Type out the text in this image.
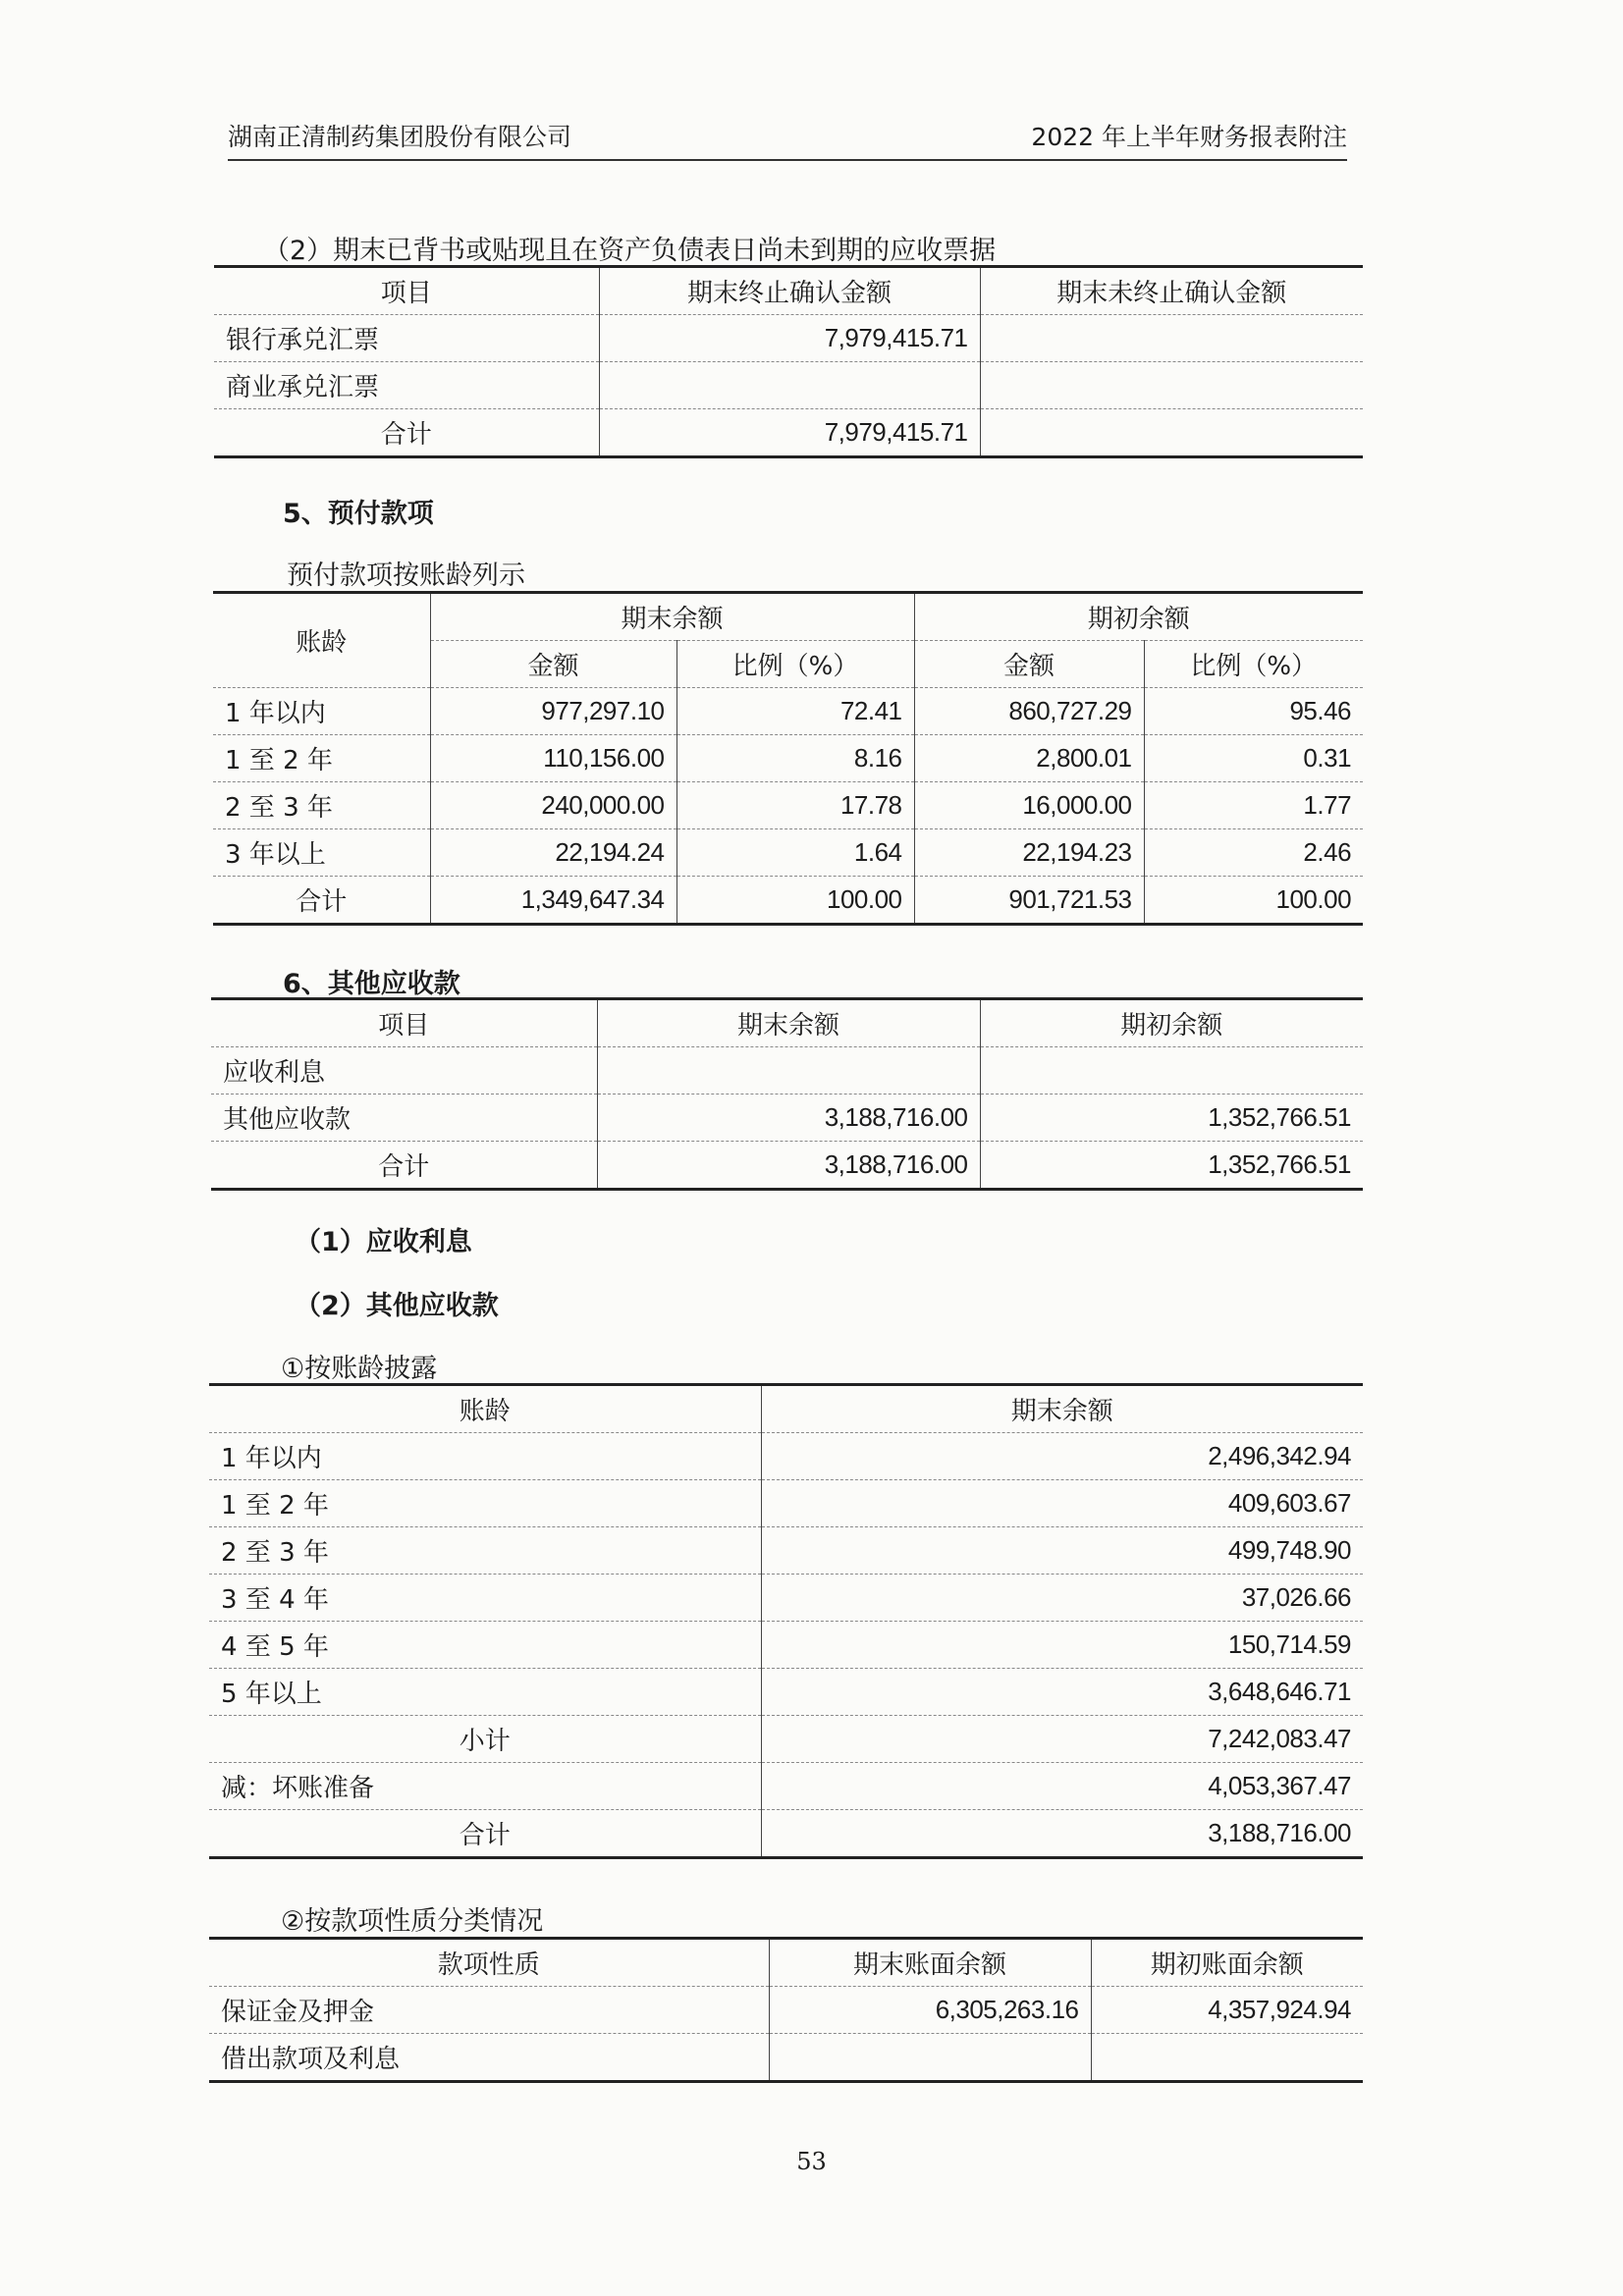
湖南正清制药集团股份有限公司	2022 年上半年财务报表附注
（2）期末已背书或贴现且在资产负债表日尚未到期的应收票据
项目	期末终止确认金额	期末未终止确认金额
银行承兑汇票	7,979,415.71	
商业承兑汇票		
合计	7,979,415.71	
5、预付款项
预付款项按账龄列示
账龄	期末余额		期初余额	
	金额	比例（%）	金额	比例（%）
1 年以内	977,297.10	72.41	860,727.29	95.46
1 至 2 年	110,156.00	8.16	2,800.01	0.31
2 至 3 年	240,000.00	17.78	16,000.00	1.77
3 年以上	22,194.24	1.64	22,194.23	2.46
合计	1,349,647.34	100.00	901,721.53	100.00
6、其他应收款
项目	期末余额	期初余额
应收利息		
其他应收款	3,188,716.00	1,352,766.51
合计	3,188,716.00	1,352,766.51
（1）应收利息
（2）其他应收款
①按账龄披露
账龄	期末余额
1 年以内	2,496,342.94
1 至 2 年	409,603.67
2 至 3 年	499,748.90
3 至 4 年	37,026.66
4 至 5 年	150,714.59
5 年以上	3,648,646.71
小计	7,242,083.47
减：坏账准备	4,053,367.47
合计	3,188,716.00
②按款项性质分类情况
款项性质	期末账面余额	期初账面余额
保证金及押金	6,305,263.16	4,357,924.94
借出款项及利息		
53
